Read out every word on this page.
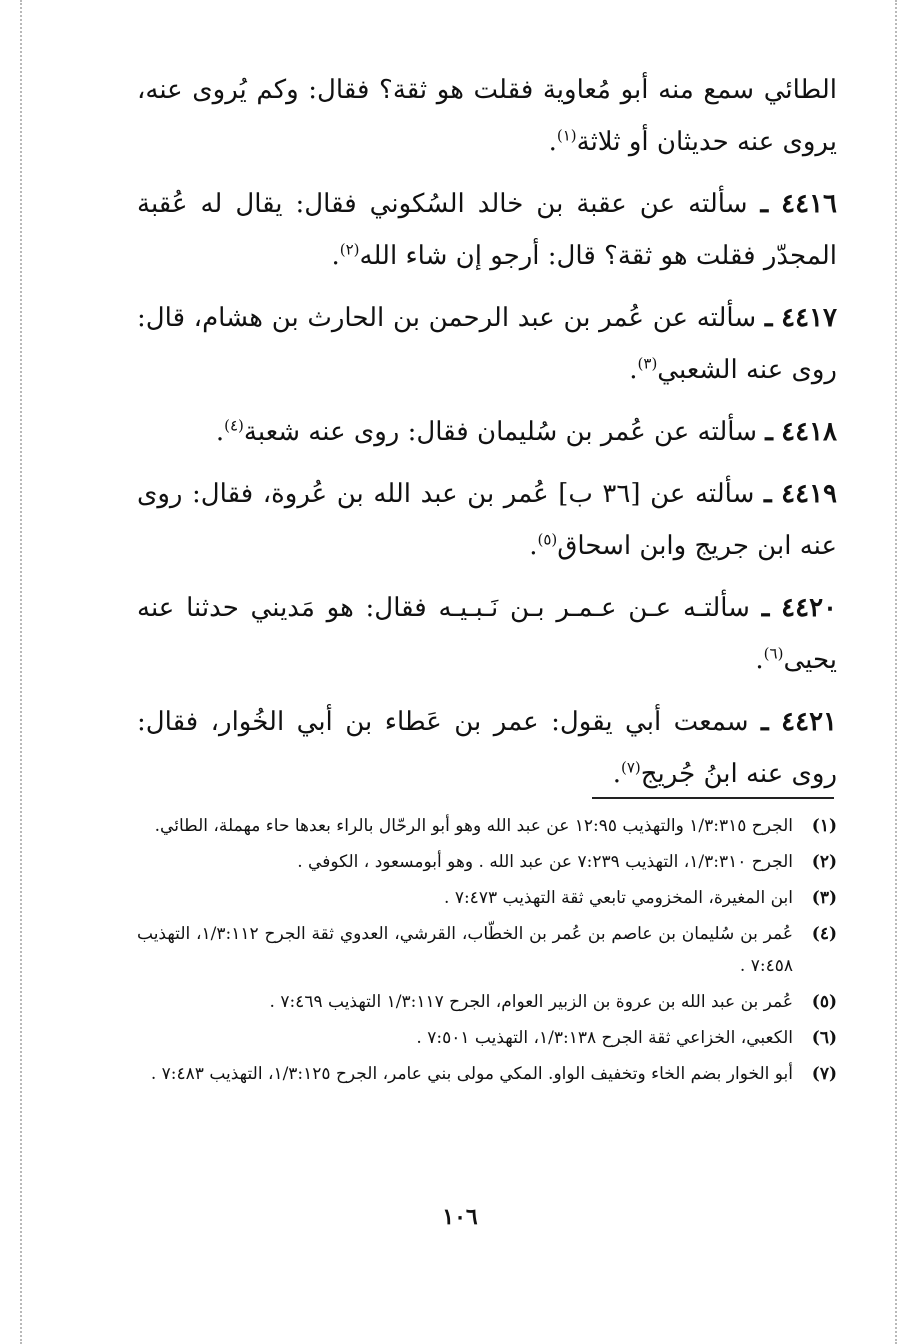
الطائي سمع منه أبو مُعاوية فقلت هو ثقة؟ فقال: وكم يُروى عنه، يروى عنه حديثان أو ثلاثة$^{(١)}$.

٤٤١٦ ـ سألته عن عقبة بن خالد السُكوني فقال: يقال له عُقبة المجدّر فقلت هو ثقة؟ قال: أرجو إن شاء الله$^{(٢)}$.

٤٤١٧ ـ سألته عن عُمر بن عبد الرحمن بن الحارث بن هشام، قال: روى عنه الشعبي$^{(٣)}$.

٤٤١٨ ـ سألته عن عُمر بن سُليمان فقال: روى عنه شعبة$^{(٤)}$.

٤٤١٩ ـ سألته عن [٣٦ ب] عُمر بن عبد الله بن عُروة، فقال: روى عنه ابن جريج وابن اسحاق$^{(٥)}$.

٤٤٢٠ ـ سألتـه عـن عـمـر بـن نَـبـيـه فقال: هو مَديني حدثنا عنه يحيى$^{(٦)}$.

٤٤٢١ ـ سمعت أبي يقول: عمر بن عَطاء بن أبي الخُوار، فقال: روى عنه ابنُ جُريج$^{(٧)}$.

(١)
الجرح ١/٣:٣١٥ والتهذيب ١٢:٩٥ عن عبد الله وهو أبو الرحّال بالراء بعدها حاء مهملة، الطائي.
(٢)
الجرح ١/٣:٣١٠، التهذيب ٧:٢٣٩ عن عبد الله . وهو أبومسعود ، الكوفي .
(٣)
ابن المغيرة، المخزومي تابعي ثقة التهذيب ٧:٤٧٣ .
(٤)
عُمر بن سُليمان بن عاصم بن عُمر بن الخطّاب، القرشي، العدوي ثقة الجرح ١/٣:١١٢، التهذيب ٧:٤٥٨ .
(٥)
عُمر بن عبد الله بن عروة بن الزبير العوام، الجرح ١/٣:١١٧ التهذيب ٧:٤٦٩ .
(٦)
الكعبي، الخزاعي ثقة الجرح ١/٣:١٣٨، التهذيب ٧:٥٠١ .
(٧)
أبو الخوار بضم الخاء وتخفيف الواو. المكي مولى بني عامر، الجرح ١/٣:١٢٥، التهذيب ٧:٤٨٣ .
١٠٦
